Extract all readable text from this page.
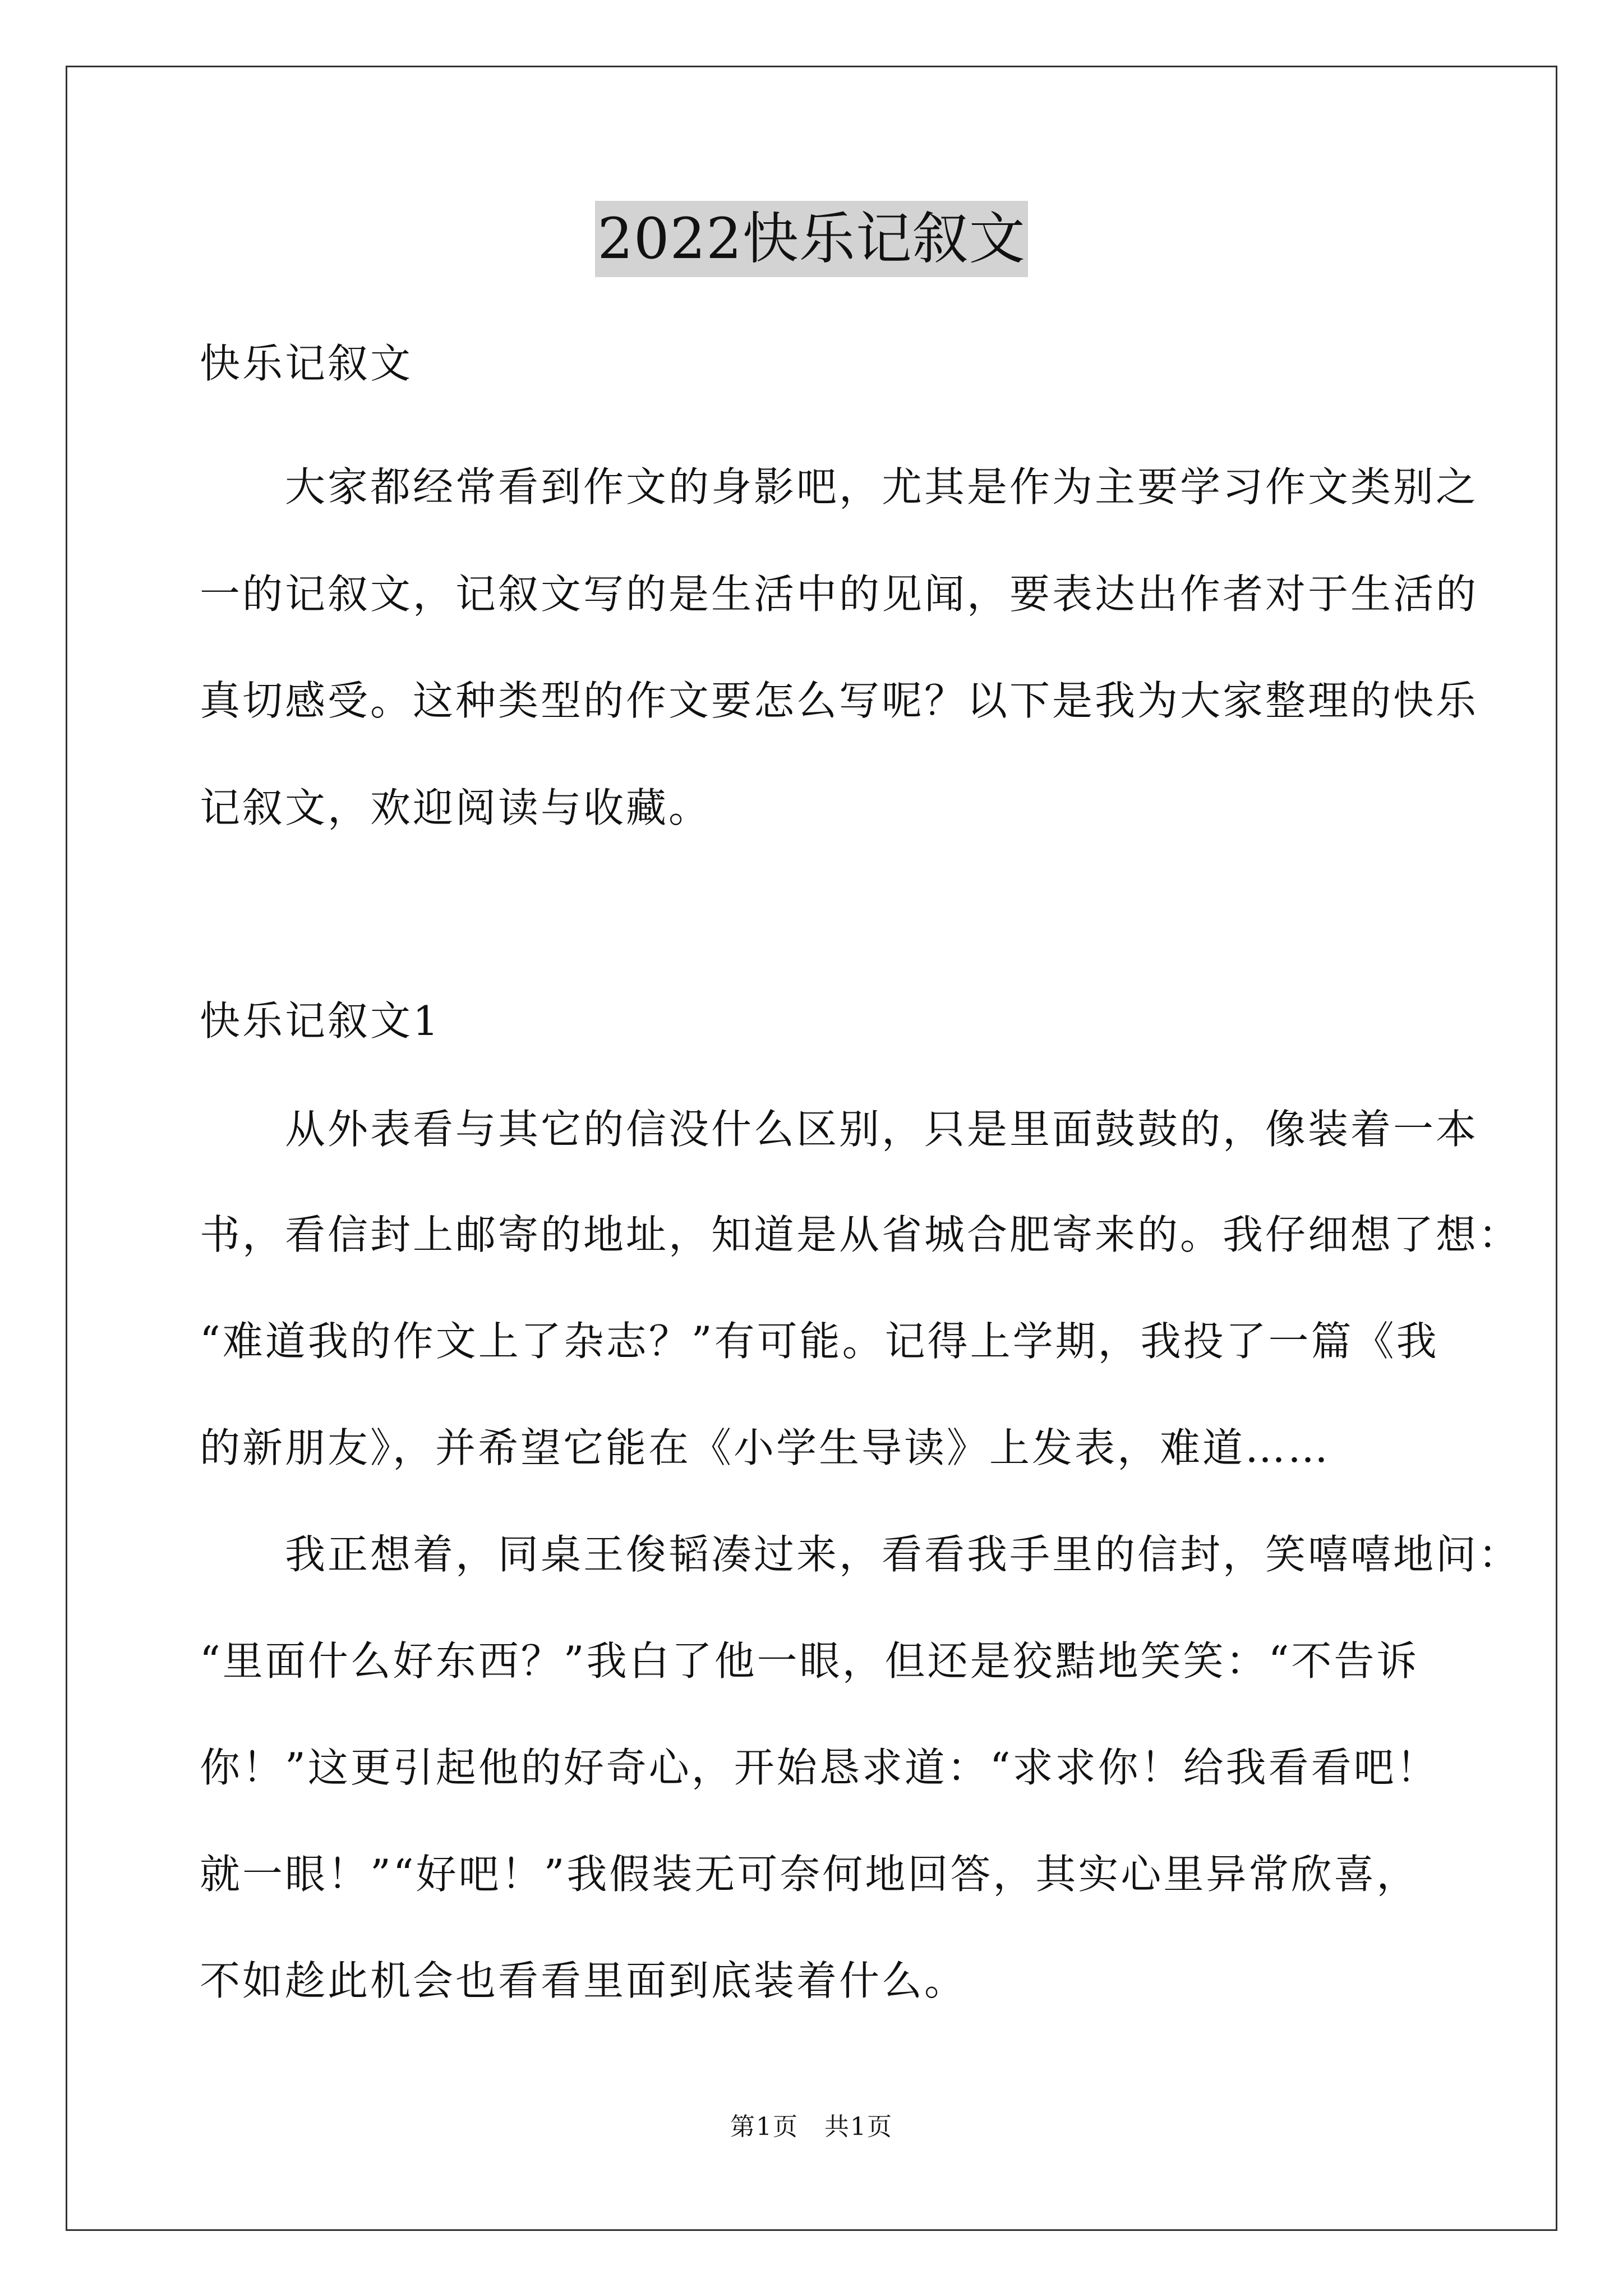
2022快乐记叙文
快乐记叙文
　　大家都经常看到作文的身影吧，尤其是作为主要学习作文类别之
一的记叙文，记叙文写的是生活中的见闻，要表达出作者对于生活的
真切感受。这种类型的作文要怎么写呢？以下是我为大家整理的快乐
记叙文，欢迎阅读与收藏。
快乐记叙文1
　　从外表看与其它的信没什么区别，只是里面鼓鼓的，像装着一本
书，看信封上邮寄的地址，知道是从省城合肥寄来的。我仔细想了想：
“难道我的作文上了杂志？”有可能。记得上学期，我投了一篇《我
的新朋友》，并希望它能在《小学生导读》上发表，难道……
　　我正想着，同桌王俊韬凑过来，看看我手里的信封，笑嘻嘻地问：
“里面什么好东西？”我白了他一眼，但还是狡黠地笑笑：“不告诉
你！”这更引起他的好奇心，开始恳求道：“求求你！给我看看吧！
就一眼！”“好吧！”我假装无可奈何地回答，其实心里异常欣喜，
不如趁此机会也看看里面到底装着什么。
第1页　共1页
